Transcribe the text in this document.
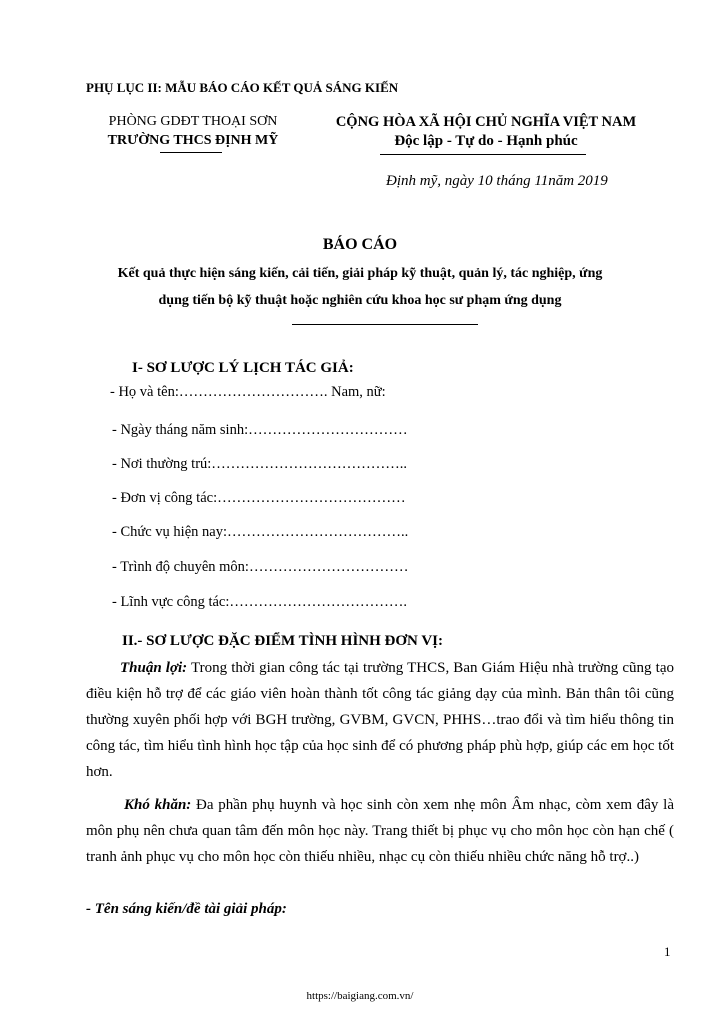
PHỤ LỤC II: MẪU BÁO CÁO KẾT QUẢ SÁNG KIẾN
PHÒNG GDĐT THOẠI SƠN
TRƯỜNG THCS ĐỊNH MỸ
CỘNG HÒA XÃ HỘI CHỦ NGHĨA VIỆT NAM
Độc lập - Tự do - Hạnh phúc
Định mỹ, ngày 10 tháng 11năm 2019
BÁO CÁO
Kết quả thực hiện sáng kiến, cải tiến, giải pháp kỹ thuật, quản lý, tác nghiệp, ứng
dụng tiến bộ kỹ thuật hoặc nghiên cứu khoa học sư phạm ứng dụng
I- SƠ LƯỢC LÝ LỊCH TÁC GIẢ:
- Họ và tên:…………………………. Nam, nữ:
- Ngày tháng năm sinh:……………………………
- Nơi thường trú:…………………………………..
- Đơn vị công tác:…………………………………
- Chức vụ hiện nay:………………………………..
- Trình độ chuyên môn:……………………………
- Lĩnh vực công tác:……………………………….
II.- SƠ LƯỢC ĐẶC ĐIỂM TÌNH HÌNH ĐƠN VỊ:
Thuận lợi: Trong thời gian công tác tại trường THCS, Ban Giám Hiệu nhà trường cũng tạo điều kiện hỗ trợ để các giáo viên hoàn thành tốt công tác giảng dạy của mình. Bản thân tôi cũng thường xuyên phối hợp với BGH trường, GVBM, GVCN, PHHS…trao đổi và tìm hiểu thông tin công tác, tìm hiểu tình hình học tập của học sinh để có phương pháp phù hợp, giúp các em học tốt hơn.
Khó khăn: Đa phần phụ huynh và học sinh còn xem nhẹ môn Âm nhạc, còm xem đây là môn phụ nên chưa quan tâm đến môn học này. Trang thiết bị phục vụ cho môn học còn hạn chế ( tranh ảnh phục vụ cho môn học còn thiếu nhiều, nhạc cụ còn thiếu nhiều chức năng hỗ trợ..)
- Tên sáng kiến/đề tài giải pháp:
1
https://baigiang.com.vn/
